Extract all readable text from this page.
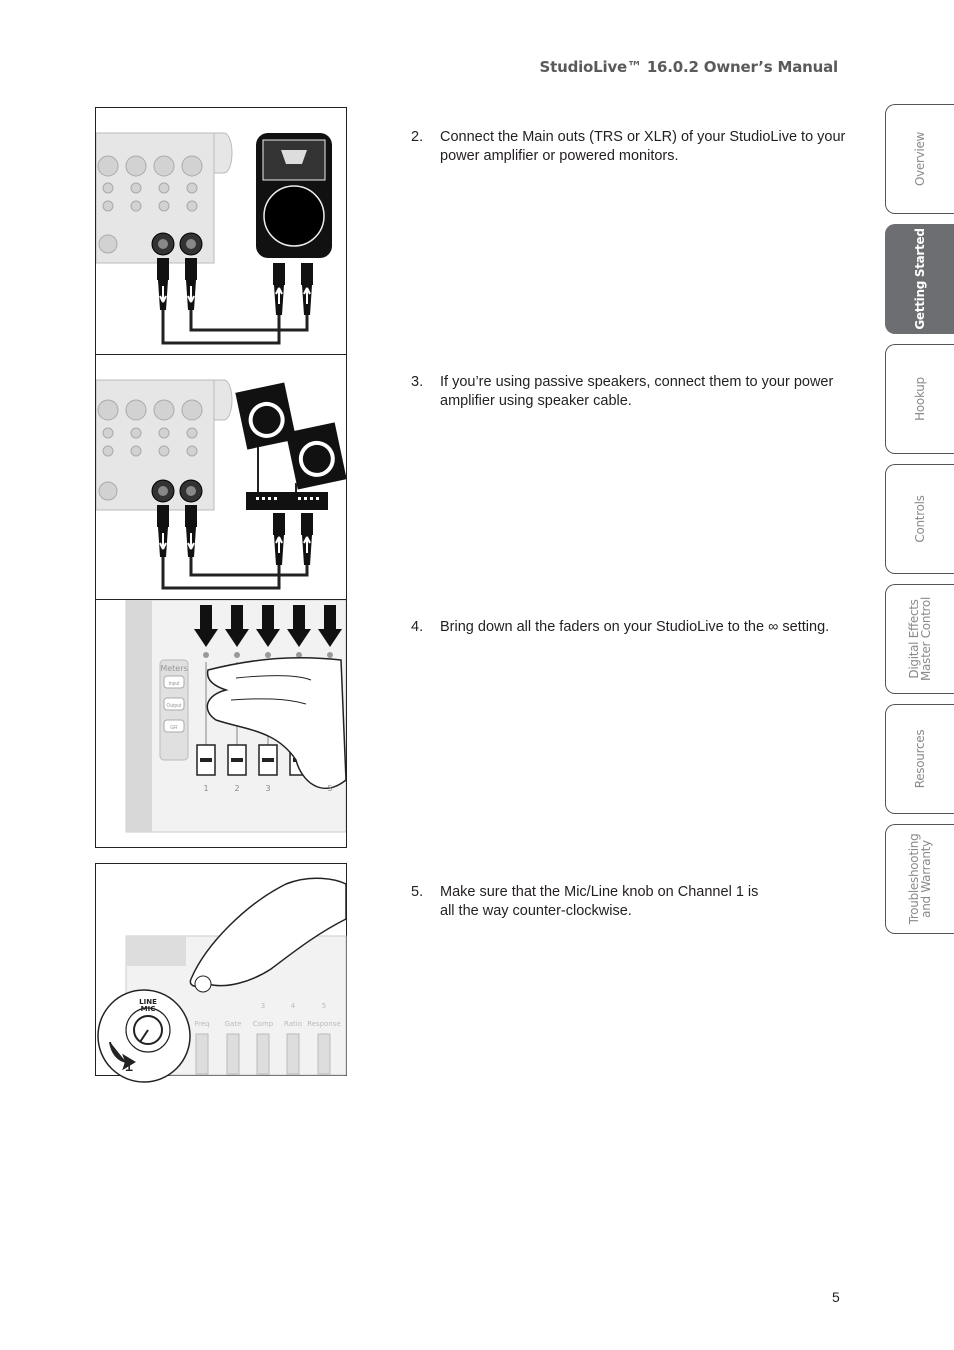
StudioLive™ 16.0.2 Owner’s Manual
Meters
Input
Output
GR
1	2	3	5
Freq Gate Comp Ratio Response
3	4	5
LINE
MIC
1
2. Connect the Main outs (TRS or XLR) of your StudioLive to your power amplifier or powered monitors.
3. If you’re using passive speakers, connect them to your power amplifier using speaker cable.
4. Bring down all the faders on your StudioLive to the ∞ setting.
5. Make sure that the Mic/Line knob on Channel 1 is all the way counter-clockwise.
Overview
Getting Started
Hookup
Controls
Digital Effects
Master Control
Resources
Troubleshooting
and Warranty
5
